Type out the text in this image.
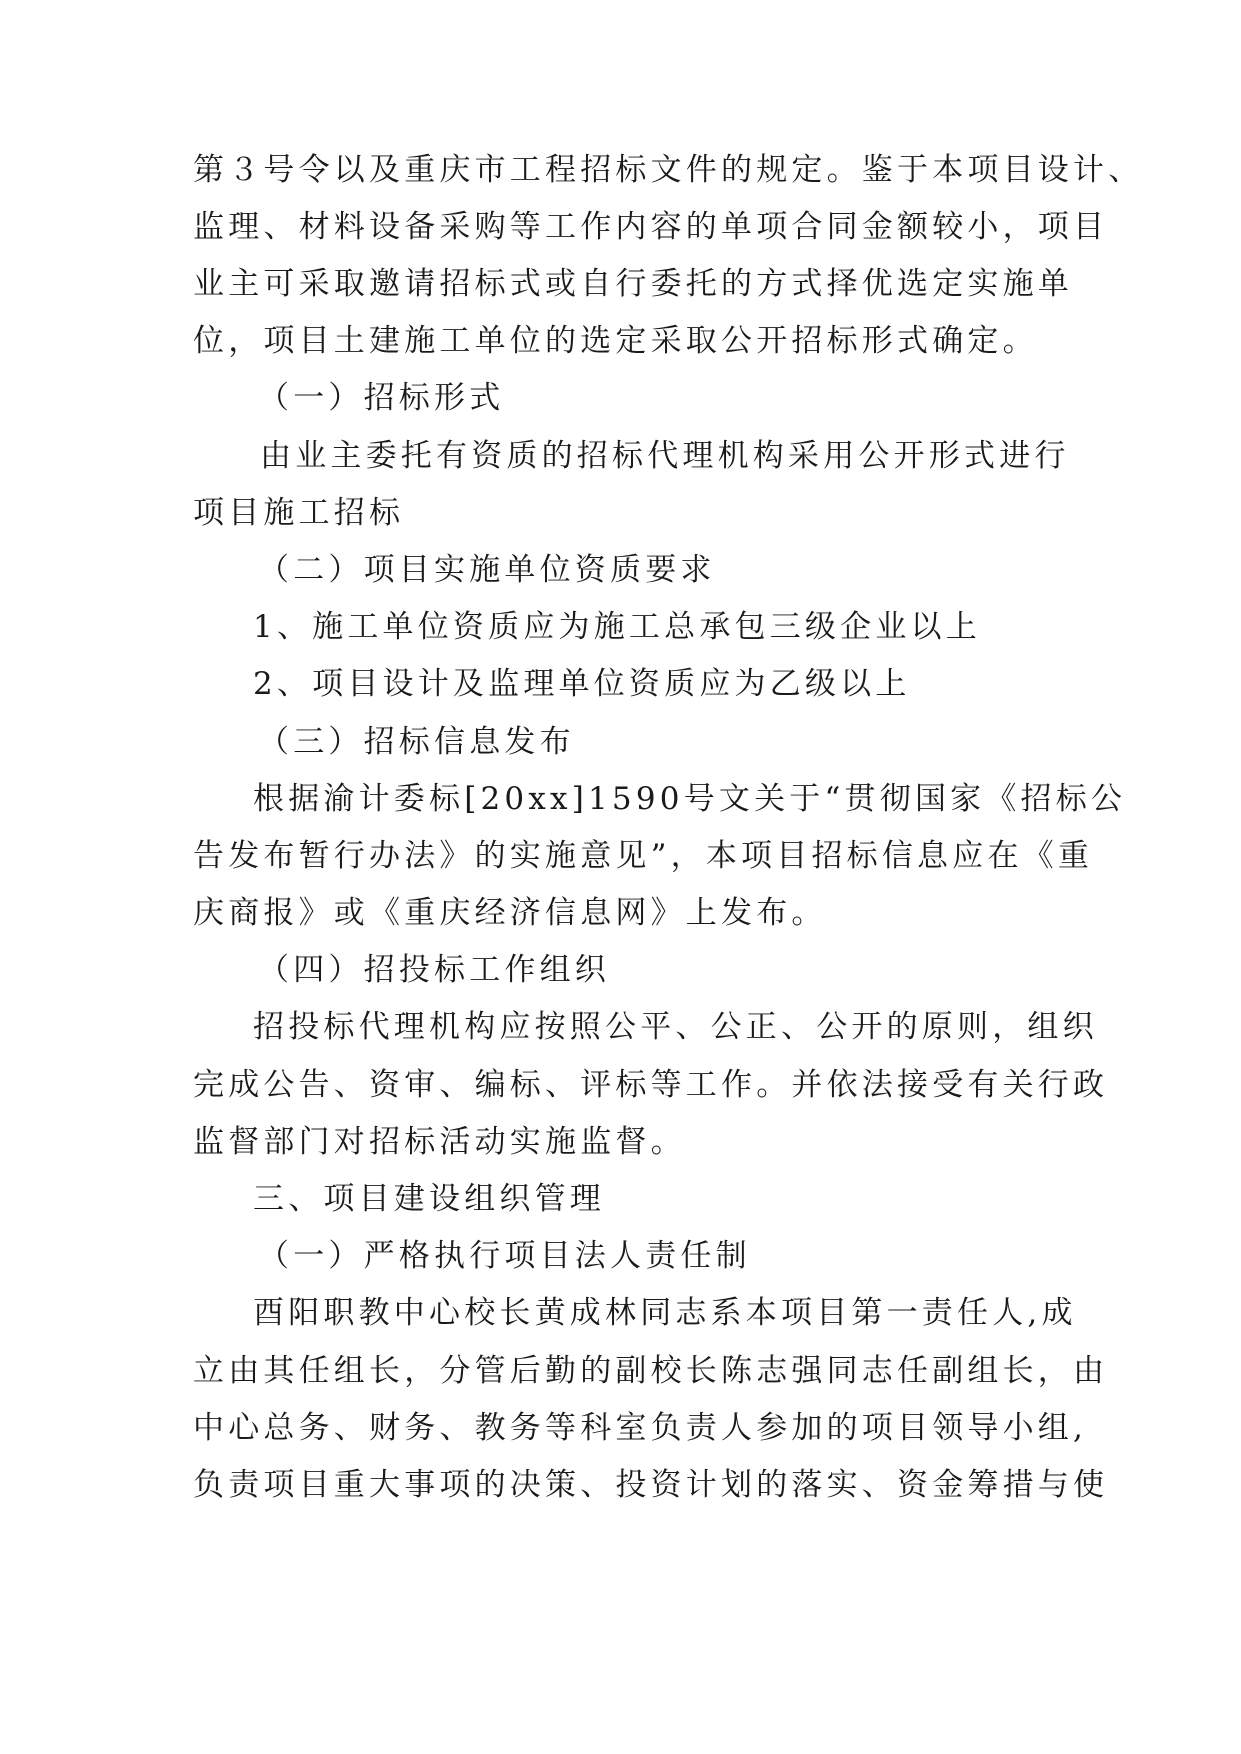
第３号令以及重庆市工程招标文件的规定。鉴于本项目设计、
监理、材料设备采购等工作内容的单项合同金额较小，项目
业主可采取邀请招标式或自行委托的方式择优选定实施单
位，项目土建施工单位的选定采取公开招标形式确定。
（一）招标形式
由业主委托有资质的招标代理机构采用公开形式进行
项目施工招标
（二）项目实施单位资质要求
1、施工单位资质应为施工总承包三级企业以上
2、项目设计及监理单位资质应为乙级以上
（三）招标信息发布
根据渝计委标[20xx]1590号文关于“贯彻国家《招标公
告发布暂行办法》的实施意见”，本项目招标信息应在《重
庆商报》或《重庆经济信息网》上发布。
（四）招投标工作组织
招投标代理机构应按照公平、公正、公开的原则，组织
完成公告、资审、编标、评标等工作。并依法接受有关行政
监督部门对招标活动实施监督。
三、项目建设组织管理
（一）严格执行项目法人责任制
酉阳职教中心校长黄成林同志系本项目第一责任人,成
立由其任组长，分管后勤的副校长陈志强同志任副组长，由
中心总务、财务、教务等科室负责人参加的项目领导小组,
负责项目重大事项的决策、投资计划的落实、资金筹措与使
